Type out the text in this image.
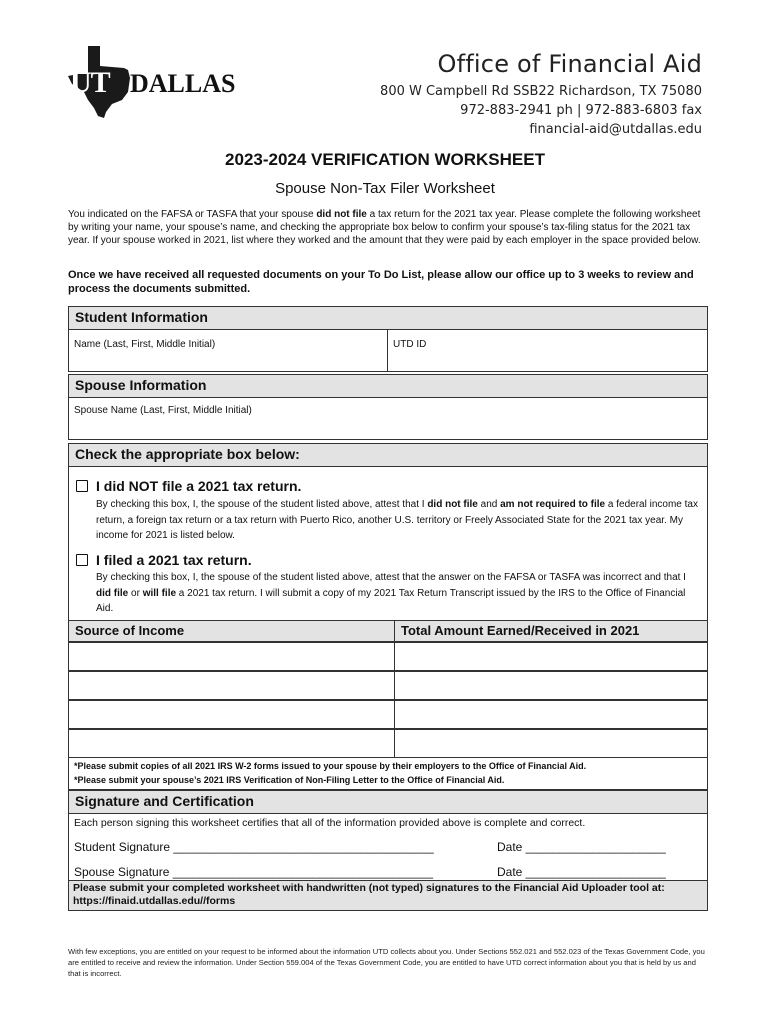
UT DALLAS
Office of Financial Aid
800 W Campbell Rd SSB22 Richardson, TX 75080
972-883-2941 ph | 972-883-6803 fax
financial-aid@utdallas.edu
2023-2024 VERIFICATION WORKSHEET
Spouse Non-Tax Filer Worksheet
You indicated on the FAFSA or TASFA that your spouse did not file a tax return for the 2021 tax year. Please complete the following worksheet by writing your name, your spouse’s name, and checking the appropriate box below to confirm your spouse’s tax-filing status for the 2021 tax year. If your spouse worked in 2021, list where they worked and the amount that they were paid by each employer in the space provided below.
Once we have received all requested documents on your To Do List, please allow our office up to 3 weeks to review and process the documents submitted.
Student Information
Name (Last, First, Middle Initial)	UTD ID
Spouse Information
Spouse Name (Last, First, Middle Initial)
Check the appropriate box below:
I did NOT file a 2021 tax return.
By checking this box, I, the spouse of the student listed above, attest that I did not file and am not required to file a federal income tax return, a foreign tax return or a tax return with Puerto Rico, another U.S. territory or Freely Associated State for the 2021 tax year. My income for 2021 is listed below.
I filed a 2021 tax return.
By checking this box, I, the spouse of the student listed above, attest that the answer on the FAFSA or TASFA was incorrect and that I did file or will file a 2021 tax return. I will submit a copy of my 2021 Tax Return Transcript issued by the IRS to the Office of Financial Aid.
Source of Income	Total Amount Earned/Received in 2021
*Please submit copies of all 2021 IRS W-2 forms issued to your spouse by their employers to the Office of Financial Aid.
*Please submit your spouse’s 2021 IRS Verification of Non-Filing Letter to the Office of Financial Aid.
Signature and Certification
Each person signing this worksheet certifies that all of the information provided above is complete and correct.
Student Signature _______________________________________	Date _____________________
Spouse Signature _______________________________________	Date _____________________
Please submit your completed worksheet with handwritten (not typed) signatures to the Financial Aid Uploader tool at: https://finaid.utdallas.edu//forms
With few exceptions, you are entitled on your request to be informed about the information UTD collects about you. Under Sections 552.021 and 552.023 of the Texas Government Code, you are entitled to receive and review the information. Under Section 559.004 of the Texas Government Code, you are entitled to have UTD correct information about you that is held by us and that is incorrect.
